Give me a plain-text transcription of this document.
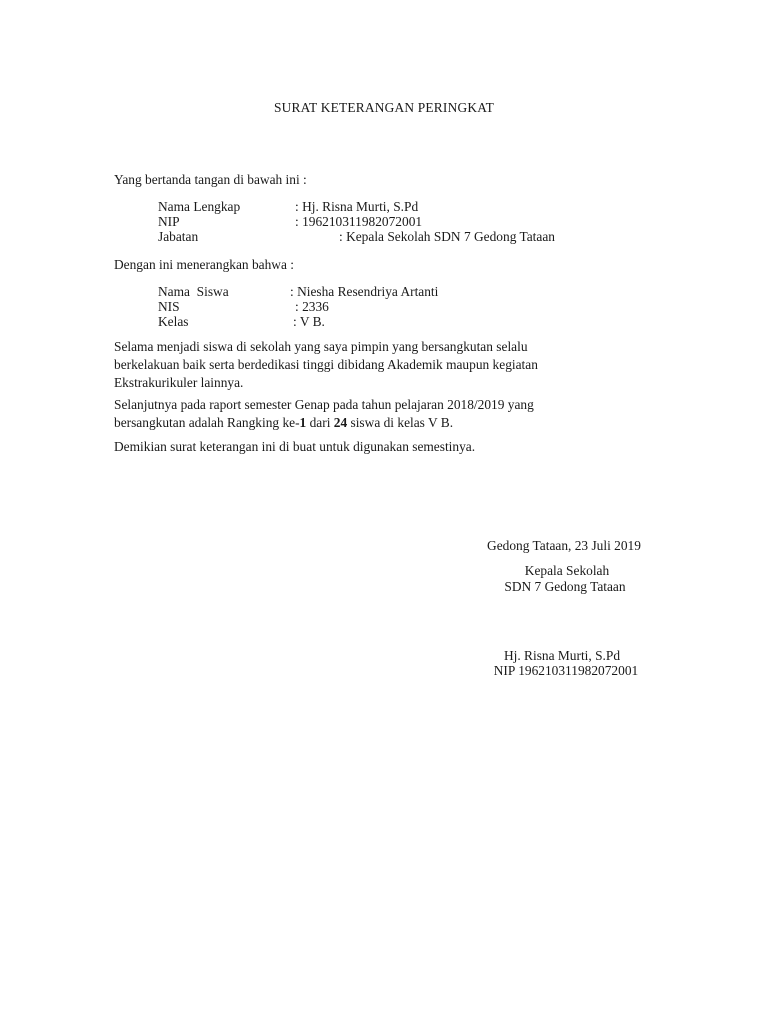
SURAT KETERANGAN PERINGKAT
Yang bertanda tangan di bawah ini :
Nama Lengkap	: Hj. Risna Murti, S.Pd
NIP	: 196210311982072001
Jabatan	: Kepala Sekolah SDN 7 Gedong Tataan
Dengan ini menerangkan bahwa :
Nama  Siswa	: Niesha Resendriya Artanti
NIS	: 2336
Kelas	: V B.

Selama menjadi siswa di sekolah yang saya pimpin yang bersangkutan selalu

berkelakuan baik serta berdedikasi tinggi dibidang Akademik maupun kegiatan

Ekstrakurikuler lainnya.

Selanjutnya pada raport semester Genap pada tahun pelajaran 2018/2019 yang

bersangkutan adalah Rangking ke-1 dari 24 siswa di kelas V B.

Demikian surat keterangan ini di buat untuk digunakan semestinya.
Gedong Tataan, 23 Juli 2019
Kepala Sekolah
SDN 7 Gedong Tataan
Hj. Risna Murti, S.Pd
NIP 196210311982072001
